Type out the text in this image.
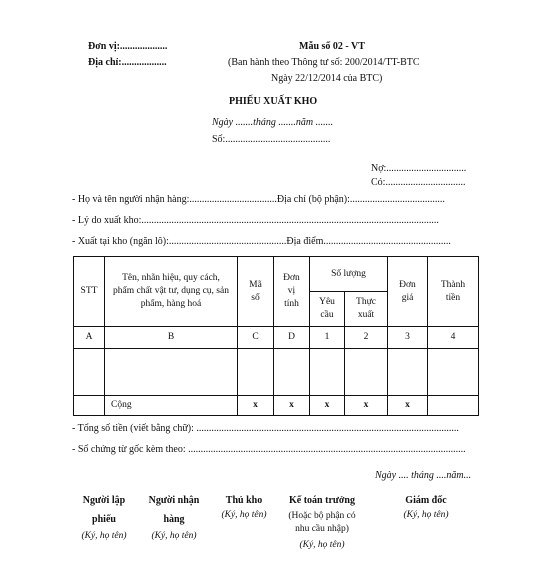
Đơn vị:...................
Địa chỉ:..................
Mẫu số 02 - VT
(Ban hành theo Thông tư số: 200/2014/TT-BTC
Ngày 22/12/2014 của BTC)
PHIẾU XUẤT KHO
Ngày .......tháng .......năm .......
Số:..........................................
Nợ:................................
Có:................................
- Họ và tên người nhận hàng:...................................Địa chỉ (bộ phận):......................................
- Lý do xuất kho:.......................................................................................................................
- Xuất tại kho (ngăn lô):...............................................Địa điểm...................................................
STT	Tên, nhãn hiệu, quy cách, phẩm chất vật tư, dụng cụ, sản phẩm, hàng hoá	Mã số	Đơn vị tính	Số lượng		Đơn giá	Thành tiền
				Yêu cầu	Thực xuất		
A	B	C	D	1	2	3	4

	Cộng	x	x	x	x	x	
- Tổng số tiền (viết bằng chữ): .........................................................................................................
- Số chứng từ gốc kèm theo: ...............................................................................................................
Ngày .... tháng ....năm...
Người lập phiếu
(Ký, họ tên)
Người nhận hàng
(Ký, họ tên)
Thủ kho
(Ký, họ tên)
Kế toán trưởng
(Hoặc bộ phận có nhu cầu nhập)
(Ký, họ tên)
Giám đốc
(Ký, họ tên)
